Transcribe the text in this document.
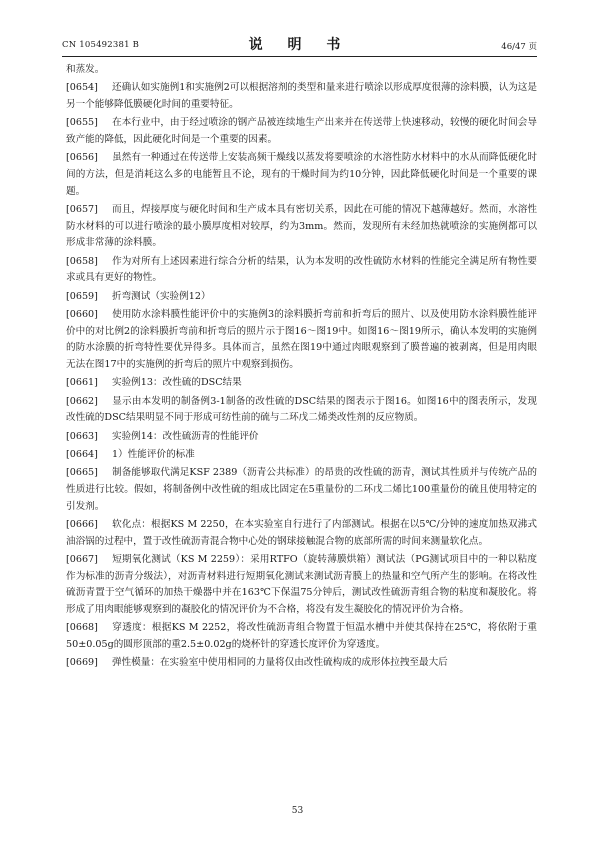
CN 105492381 B	说 明 书	46/47 页
和蒸发。
[0654] 还确认如实施例1和实施例2可以根据溶剂的类型和量来进行喷涂以形成厚度很薄的涂料膜，认为这是另一个能够降低膜硬化时间的重要特征。
[0655] 在本行业中，由于经过喷涂的钢产品被连续地生产出来并在传送带上快速移动，较慢的硬化时间会导致产能的降低，因此硬化时间是一个重要的因素。
[0656] 虽然有一种通过在传送带上安装高频干燥线以蒸发将要喷涂的水溶性防水材料中的水从而降低硬化时间的方法，但是消耗这么多的电能暂且不论，现有的干燥时间为约10分钟，因此降低硬化时间是一个重要的课题。
[0657] 而且，焊接厚度与硬化时间和生产成本具有密切关系，因此在可能的情况下越薄越好。然而，水溶性防水材料的可以进行喷涂的最小膜厚度相对较厚，约为3mm。然而，发现所有未经加热就喷涂的实施例都可以形成非常薄的涂料膜。
[0658] 作为对所有上述因素进行综合分析的结果，认为本发明的改性硫防水材料的性能完全满足所有物性要求或具有更好的物性。
[0659] 折弯测试（实验例12）
[0660] 使用防水涂料膜性能评价中的实施例3的涂料膜折弯前和折弯后的照片、以及使用防水涂料膜性能评价中的对比例2的涂料膜折弯前和折弯后的照片示于图16～图19中。如图16～图19所示，确认本发明的实施例的防水涂膜的折弯特性要优异得多。具体而言，虽然在图19中通过肉眼观察到了膜普遍的被剥离，但是用肉眼无法在图17中的实施例的折弯后的照片中观察到损伤。
[0661] 实验例13：改性硫的DSC结果
[0662] 显示由本发明的制备例3-1制备的改性硫的DSC结果的图表示于图16。如图16中的图表所示，发现改性硫的DSC结果明显不同于形成可纺性前的硫与二环戊二烯类改性剂的反应物质。
[0663] 实验例14：改性硫沥青的性能评价
[0664] 1）性能评价的标准
[0665] 制备能够取代满足KSF 2389（沥青公共标准）的昂贵的改性硫的沥青，测试其性质并与传统产品的性质进行比较。假如，将制备例中改性硫的组成比固定在5重量份的二环戊二烯比100重量份的硫且使用特定的引发剂。
[0666] 软化点：根据KS M 2250，在本实验室自行进行了内部测试。根据在以5℃/分钟的速度加热双沸式油浴锅的过程中，置于改性硫沥青混合物中心处的钢球接触混合物的底部所需的时间来测量软化点。
[0667] 短期氧化测试（KS M 2259）：采用RTFO（旋转薄膜烘箱）测试法（PG测试项目中的一种以粘度作为标准的沥青分级法），对沥青材料进行短期氧化测试来测试沥青膜上的热量和空气所产生的影响。在将改性硫沥青置于空气循环的加热干燥器中并在163℃下保温75分钟后，测试改性硫沥青组合物的粘度和凝胶化。将形成了用肉眼能够观察到的凝胶化的情况评价为不合格，将没有发生凝胶化的情况评价为合格。
[0668] 穿透度：根据KS M 2252，将改性硫沥青组合物置于恒温水槽中并使其保持在25℃，将依附于重50±0.05g的圆形顶部的重2.5±0.02g的烧杯针的穿透长度评价为穿透度。
[0669] 弹性模量：在实验室中使用相同的力量将仅由改性硫构成的成形体拉拽至最大后
53
